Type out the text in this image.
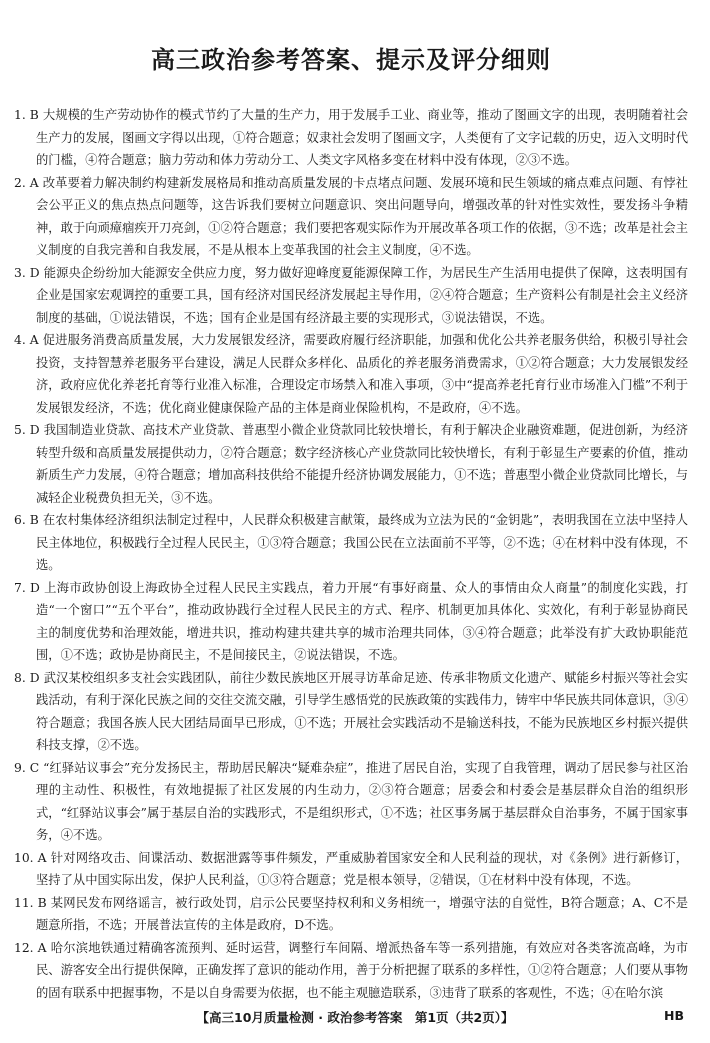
高三政治参考答案、提示及评分细则

1. B 大规模的生产劳动协作的模式节约了大量的生产力，用于发展手工业、商业等，推动了图画文字的出现，表明随着社会生产力的发展，图画文字得以出现，①符合题意；奴隶社会发明了图画文字，人类便有了文字记载的历史，迈入文明时代的门槛，④符合题意；脑力劳动和体力劳动分工、人类文字风格多变在材料中没有体现，②③不选。

2. A 改革要着力解决制约构建新发展格局和推动高质量发展的卡点堵点问题、发展环境和民生领域的痛点难点问题、有悖社会公平正义的焦点热点问题等，这告诉我们要树立问题意识、突出问题导向，增强改革的针对性实效性，要发扬斗争精神，敢于向顽瘴痼疾开刀亮剑，①②符合题意；我们要把客观实际作为开展改革各项工作的依据，③不选；改革是社会主义制度的自我完善和自我发展，不是从根本上变革我国的社会主义制度，④不选。

3. D 能源央企纷纷加大能源安全供应力度，努力做好迎峰度夏能源保障工作，为居民生产生活用电提供了保障，这表明国有企业是国家宏观调控的重要工具，国有经济对国民经济发展起主导作用，②④符合题意；生产资料公有制是社会主义经济制度的基础，①说法错误，不选；国有企业是国有经济最主要的实现形式，③说法错误，不选。

4. A 促进服务消费高质量发展，大力发展银发经济，需要政府履行经济职能，加强和优化公共养老服务供给，积极引导社会投资，支持智慧养老服务平台建设，满足人民群众多样化、品质化的养老服务消费需求，①②符合题意；大力发展银发经济，政府应优化养老托育等行业准入标准，合理设定市场禁入和准入事项，③中“提高养老托育行业市场准入门槛”不利于发展银发经济，不选；优化商业健康保险产品的主体是商业保险机构，不是政府，④不选。

5. D 我国制造业贷款、高技术产业贷款、普惠型小微企业贷款同比较快增长，有利于解决企业融资难题，促进创新，为经济转型升级和高质量发展提供动力，②符合题意；数字经济核心产业贷款同比较快增长，有利于彰显生产要素的价值，推动新质生产力发展，④符合题意；增加高科技供给不能提升经济协调发展能力，①不选；普惠型小微企业贷款同比增长，与减轻企业税费负担无关，③不选。

6. B 在农村集体经济组织法制定过程中，人民群众积极建言献策，最终成为立法为民的“金钥匙”，表明我国在立法中坚持人民主体地位，积极践行全过程人民民主，①③符合题意；我国公民在立法面前不平等，②不选；④在材料中没有体现，不选。

7. D 上海市政协创设上海政协全过程人民民主实践点，着力开展“有事好商量、众人的事情由众人商量”的制度化实践，打造“一个窗口”“五个平台”，推动政协践行全过程人民民主的方式、程序、机制更加具体化、实效化，有利于彰显协商民主的制度优势和治理效能，增进共识，推动构建共建共享的城市治理共同体，③④符合题意；此举没有扩大政协职能范围，①不选；政协是协商民主，不是间接民主，②说法错误，不选。

8. D 武汉某校组织多支社会实践团队，前往少数民族地区开展寻访革命足迹、传承非物质文化遗产、赋能乡村振兴等社会实践活动，有利于深化民族之间的交往交流交融，引导学生感悟党的民族政策的实践伟力，铸牢中华民族共同体意识，③④符合题意；我国各族人民大团结局面早已形成，①不选；开展社会实践活动不是输送科技，不能为民族地区乡村振兴提供科技支撑，②不选。

9. C “红驿站议事会”充分发扬民主，帮助居民解决“疑难杂症”，推进了居民自治，实现了自我管理，调动了居民参与社区治理的主动性、积极性，有效地提振了社区发展的内生动力，②③符合题意；居委会和村委会是基层群众自治的组织形式，“红驿站议事会”属于基层自治的实践形式，不是组织形式，①不选；社区事务属于基层群众自治事务，不属于国家事务，④不选。

10. A 针对网络攻击、间谍活动、数据泄露等事件频发，严重威胁着国家安全和人民利益的现状，对《条例》进行新修订，坚持了从中国实际出发，保护人民利益，①③符合题意；党是根本领导，②错误，①在材料中没有体现，不选。

11. B 某网民发布网络谣言，被行政处罚，启示公民要坚持权利和义务相统一，增强守法的自觉性，B符合题意；A、C不是题意所指，不选；开展普法宣传的主体是政府，D不选。

12. A 哈尔滨地铁通过精确客流预判、延时运营，调整行车间隔、增派热备车等一系列措施，有效应对各类客流高峰，为市民、游客安全出行提供保障，正确发挥了意识的能动作用，善于分析把握了联系的多样性，①②符合题意；人们要从事物的固有联系中把握事物，不是以自身需要为依据，也不能主观臆造联系，③违背了联系的客观性，不选；④在哈尔滨

【高三10月质量检测 · 政治参考答案　第1页（共2页）】	HB
